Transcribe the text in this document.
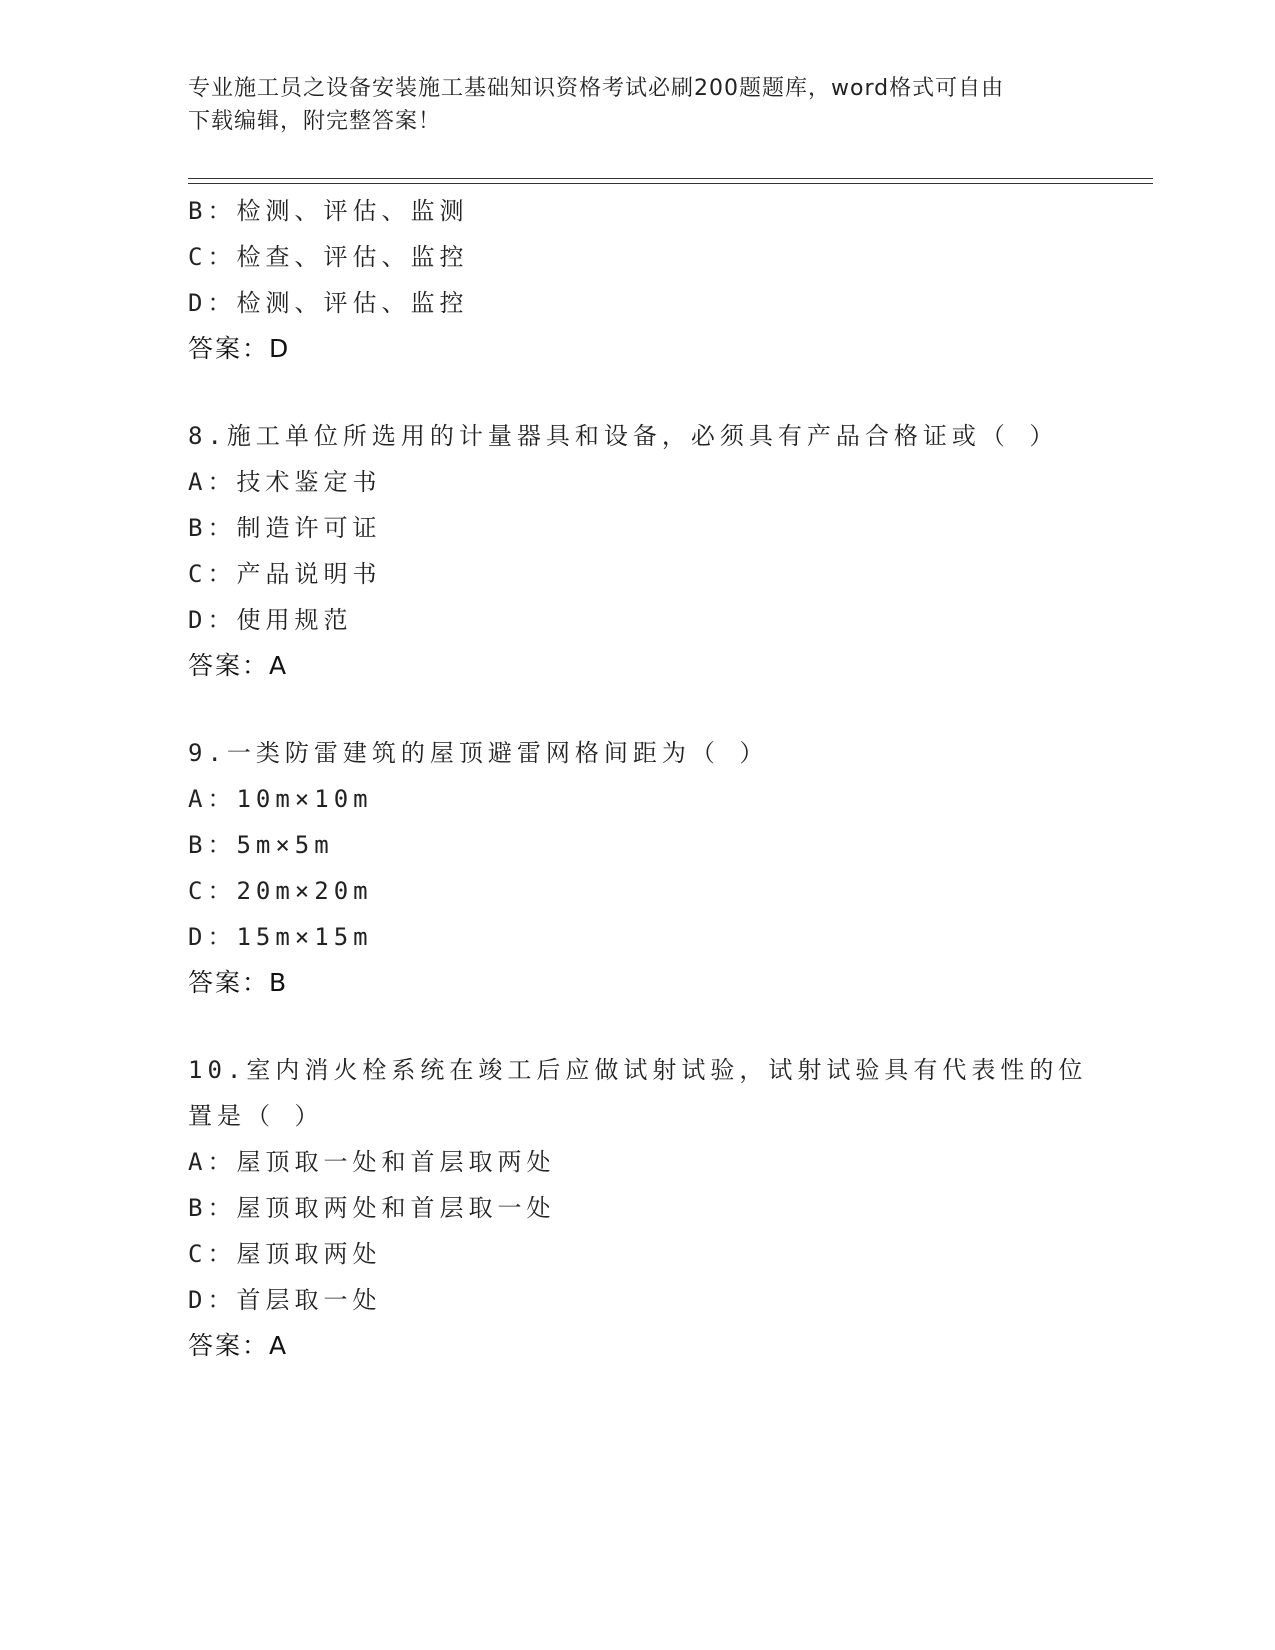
专业施工员之设备安装施工基础知识资格考试必刷200题题库，word格式可自由
下载编辑，附完整答案！
B：检测、评估、监测
C：检查、评估、监控
D：检测、评估、监控
答案：D
8.施工单位所选用的计量器具和设备，必须具有产品合格证或（ ）
A：技术鉴定书
B：制造许可证
C：产品说明书
D：使用规范
答案：A
9.一类防雷建筑的屋顶避雷网格间距为（ ）
A：10m×10m
B：5m×5m
C：20m×20m
D：15m×15m
答案：B
10.室内消火栓系统在竣工后应做试射试验，试射试验具有代表性的位
置是（ ）
A：屋顶取一处和首层取两处
B：屋顶取两处和首层取一处
C：屋顶取两处
D：首层取一处
答案：A
